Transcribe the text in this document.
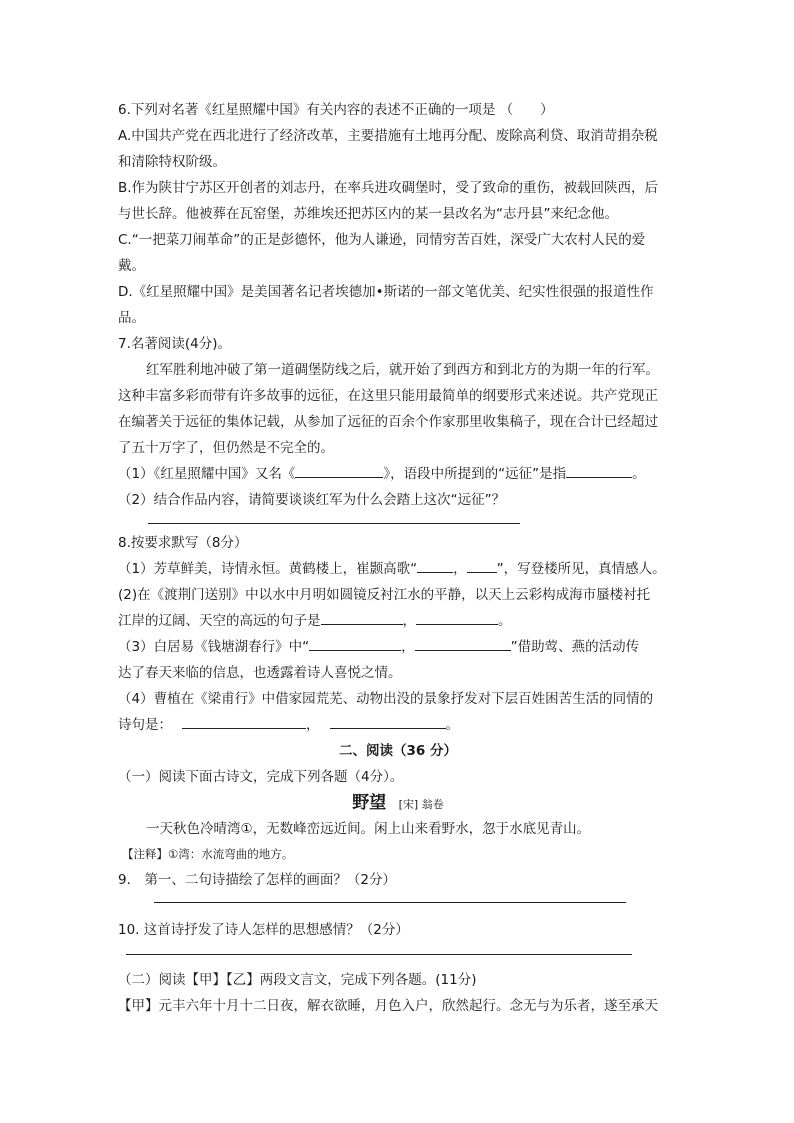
6.下列对名著《红星照耀中国》有关内容的表述不正确的一项是 （　　）
A.中国共产党在西北进行了经济改革，主要措施有土地再分配、废除高利贷、取消苛捐杂税
和清除特权阶级。
B.作为陕甘宁苏区开创者的刘志丹，在率兵进攻碉堡时，受了致命的重伤，被载回陕西，后
与世长辞。他被葬在瓦窑堡，苏维埃还把苏区内的某一县改名为“志丹县”来纪念他。
C.“一把菜刀闹革命”的正是彭德怀，他为人谦逊，同情穷苦百姓，深受广大农村人民的爱
戴。
D.《红星照耀中国》是美国著名记者埃德加•斯诺的一部文笔优美、纪实性很强的报道性作
品。
7.名著阅读(4分)。
红军胜利地冲破了第一道碉堡防线之后，就开始了到西方和到北方的为期一年的行军。
这种丰富多彩而带有许多故事的远征，在这里只能用最简单的纲要形式来述说。共产党现正
在编著关于远征的集体记载，从参加了远征的百余个作家那里收集稿子，现在合计已经超过
了五十万字了，但仍然是不完全的。
（1）《红星照耀中国》又名《	》，语段中所提到的“远征”是指	。
（2）结合作品内容，请简要谈谈红军为什么会踏上这次“远征”？
8.按要求默写（8分）
（1）芳草鲜美，诗情永恒。黄鹤楼上，崔颢高歌“	， ”，写登楼所见，真情感人。
(2)在《渡荆门送别》中以水中月明如圆镜反衬江水的平静，以天上云彩构成海市蜃楼衬托
江岸的辽阔、天空的高远的句子是	，	。
（3）白居易《钱塘湖春行》中“	，	”借助莺、燕的活动传
达了春天来临的信息，也透露着诗人喜悦之情。
（4）曹植在《梁甫行》中借家园荒芜、动物出没的景象抒发对下层百姓困苦生活的同情的
诗句是：	，	。
二、阅读（36 分）
（一）阅读下面古诗文，完成下列各题（4分）。
野望 [宋] 翁卷
一天秋色冷晴湾①，无数峰峦远近间。闲上山来看野水，忽于水底见青山。
【注释】①湾：水流弯曲的地方。
9.　第一、二句诗描绘了怎样的画面？（2分）
10. 这首诗抒发了诗人怎样的思想感情？（2分）
（二）阅读【甲】【乙】两段文言文，完成下列各题。(11分)
【甲】元丰六年十月十二日夜，解衣欲睡，月色入户，欣然起行。念无与为乐者，遂至承天
